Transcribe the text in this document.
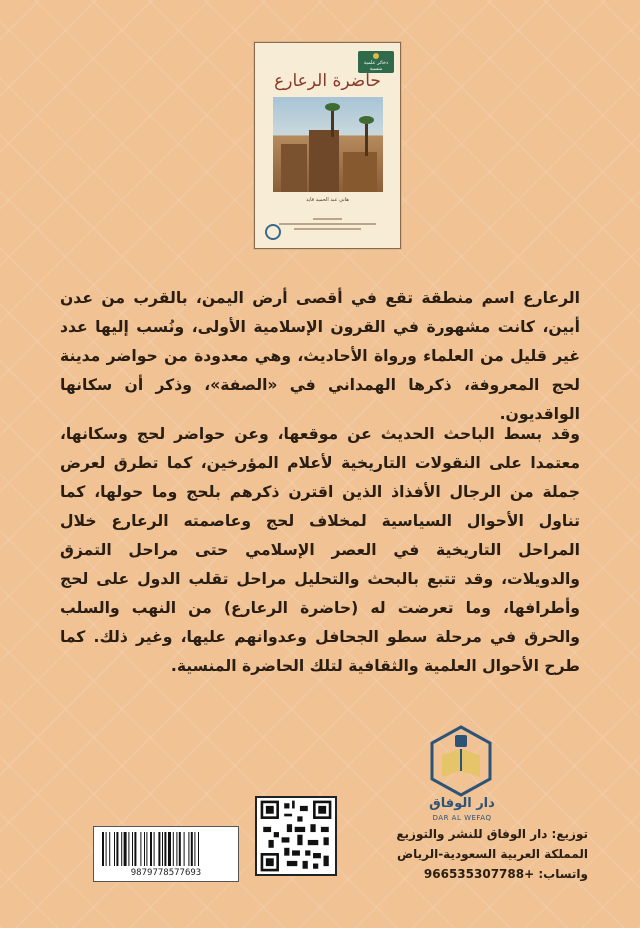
ذخائر علمية منسية
حاضرة الرعارع
هاني عبد الحميد قايد

الرعارع اسم منطقة تقع في أقصى أرض اليمن، بالقرب من عدن أبين، كانت مشهورة في القرون الإسلامية الأولى، ونُسب إليها عدد غير قليل من العلماء ورواة الأحاديث، وهي معدودة من حواضر مدينة لحج المعروفة، ذكرها الهمداني في «الصفة»، وذكر أن سكانها الواقديون.

وقد بسط الباحث الحديث عن موقعها، وعن حواضر لحج وسكانها، معتمدا على النقولات التاريخية لأعلام المؤرخين، كما تطرق لعرض جملة من الرجال الأفذاذ الذين اقترن ذكرهم بلحج وما حولها، كما تناول الأحوال السياسية لمخلاف لحج وعاصمته الرعارع خلال المراحل التاريخية في العصر الإسلامي حتى مراحل التمزق والدويلات، وقد تتبع بالبحث والتحليل مراحل تقلب الدول على لحج وأطرافها، وما تعرضت له (حاضرة الرعارع) من النهب والسلب والحرق في مرحلة سطو الجحافل وعدوانهم عليها، وغير ذلك. كما طرح الأحوال العلمية والثقافية لتلك الحاضرة المنسية.

دار الوفاق
DAR AL WEFAQ
توزيع: دار الوفاق للنشر والتوزيع
المملكة العربية السعودية-الرياض
واتساب: +966535307788
9879778577693
